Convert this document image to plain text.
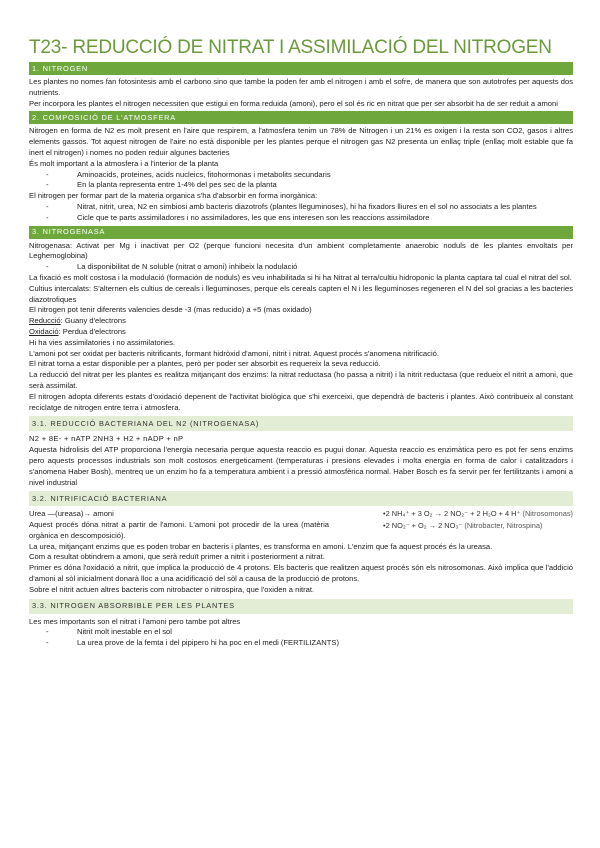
T23- REDUCCIÓ DE NITRAT I ASSIMILACIÓ DEL NITROGEN
1. NITROGEN

Les plantes no nomes fan fotosintesis amb el carbono sino que tambe la poden fer amb el nitrogen i amb el sofre, de manera que son autotrofes per aquests dos nutrients.

Per incorpora les plantes el nitrogen necessiten que estigui en forma reduida (amoni), pero el sol és ric en nitrat que per ser absorbit ha de ser reduit a amoni

2. COMPOSICIÓ DE L'ATMOSFERA

Nitrogen en forma de N2 es molt present en l'aire que respirem, a l'atmosfera tenim un 78% de Nitrogen i un 21% es oxigen i la resta son CO2, gasos i altres elements gassos. Tot aquest nitrogen de l'aire no està disponible per les plantes perque el nitrogen gas N2 presenta un enllaç triple (enllaç molt estable que fa inert el nitrogen) i nomes no poden reduir algunes bacteries

És molt important a la atmosfera i a l'interior de la planta

- Aminoacids, proteines, acids nucleics, fitohormonas i metabolits secundaris
- En la planta representa entre 1-4% del pes sec de la planta

El nitrogen per formar part de la materia organica s'ha d'absorbir en forma inorgànica:

- Nitrat, nitrit, urea, N2 en simbiosi amb bacteris diazotrofs (plantes lleguminoses), hi ha fixadors lliures en el sol no associats a les plantes
- Cicle que te parts assimiladores i no assimiladores, les que ens interesen son les reaccions assimiladore
3. NITROGENASA

Nitrogenasa: Activat per Mg i inactivat per O2 (perque funcioni necesita d'un ambient completamente anaerobic noduls de les plantes envoltats per Leghemoglobina)

- La disponibilitat de N soluble (nitrat o amoni) inhibeix la nodulació

La fixació es molt costosa i la modulació (formación de noduls) es veu inhabilitada si hi ha Nitrat al terra/cultiu hidroponic la planta captara tal cual el nitrat del sol.

Cultius intercalats: S'alternen els cultius de cereals i lleguminoses, perque els cereals capten el N i les lleguminoses regeneren el N del sol gracias a les bacteries diazotrofiques

El nitrogen pot tenir diferents valencies desde -3 (mas reducido) a +5 (mas oxidado)

Reducció: Guany d'electrons

Oxidació: Perdua d'electrons

Hi ha vies assimilatories i no assimilatories.

L'amoni pot ser oxidat per bacteris nitrificants, formant hidròxid d'amoni, nitrit i nitrat. Aquest procés s'anomena nitrificació.

El nitrat torna a estar disponible per a plantes, però per poder ser absorbit es requereix la seva reducció.

La reducció del nitrat per les plantes es realitza mitjançant dos enzims: la nitrat reductasa (ho passa a nitrit) i la nitrit reductasa (que redueix el nitrit a amoni, que serà assimilat.

El nitrogen adopta diferents estats d'oxidació depenent de l'activitat biològica que s'hi exerceixi, que dependrà de bacteris i plantes. Això contribueix al constant reciclatge de nitrogen entre terra i atmosfera.

3.1. REDUCCIÓ BACTERIANA DEL N2 (NITROGENASA)

N2 + 8E- + nATP 2NH3 + H2 + nADP + nP

Aquesta hidrolisis del ATP proporciona l'energia necesaria perque aquesta reaccio es pugui donar. Aquesta reaccio es enzimàtica pero es pot fer sens enzims pero aquests processos industrials son molt costosos energeticament (temperaturas i presions elevades i molta energia en forma de calor i catalitzadors i s'anomena Haber Bosh), mentreq ue un enzim ho fa a temperatura ambient i a pressió atmosfèrica normal. Haber Bosch es fa servir per fer fertilitzants i amoni a nivel industrial

3.2. NITRIFICACIÓ BACTERIANA

Urea —(ureasa)→ amoni

Aquest procés dóna nitrat a partir de l'amoni. L'amoni pot procedir de la urea (matèria orgànica en descomposició).

•2 NH₄⁺ + 3 O₂ → 2 NO₂⁻ + 2 H₂O + 4 H⁺ (Nitrosomonas)
•2 NO₂⁻ + O₂ → 2 NO₃⁻ (Nitrobacter, Nitrospina)

La urea, mitjançant enzims que es poden trobar en bacteris i plantes, es transforma en amoni. L'enzim que fa aquest procés és la ureasa.

Com a resultat obtindrem a amoni, que serà reduït primer a nitrit i posteriorment a nitrat.

Primer es dóna l'oxidació a nitrit, que implica la producció de 4 protons. Els bacteris que realitzen aquest procés són els nitrosomonas. Això implica que l'addició d'amoni al sòl inicialment donarà lloc a una acidificació del sòl a causa de la producció de protons.

Sobre el nitrit actuen altres bacteris com nitrobacter o nitrospira, que l'oxiden a nitrat.

3.3. NITROGEN ABSORBIBLE PER LES PLANTES

Les mes importants son el nitrat i l'amoni pero tambe pot altres

- Nitrit molt inestable en el sol
- La urea prove de la femta i del pipipero hi ha poc en el medi (FERTILIZANTS)
